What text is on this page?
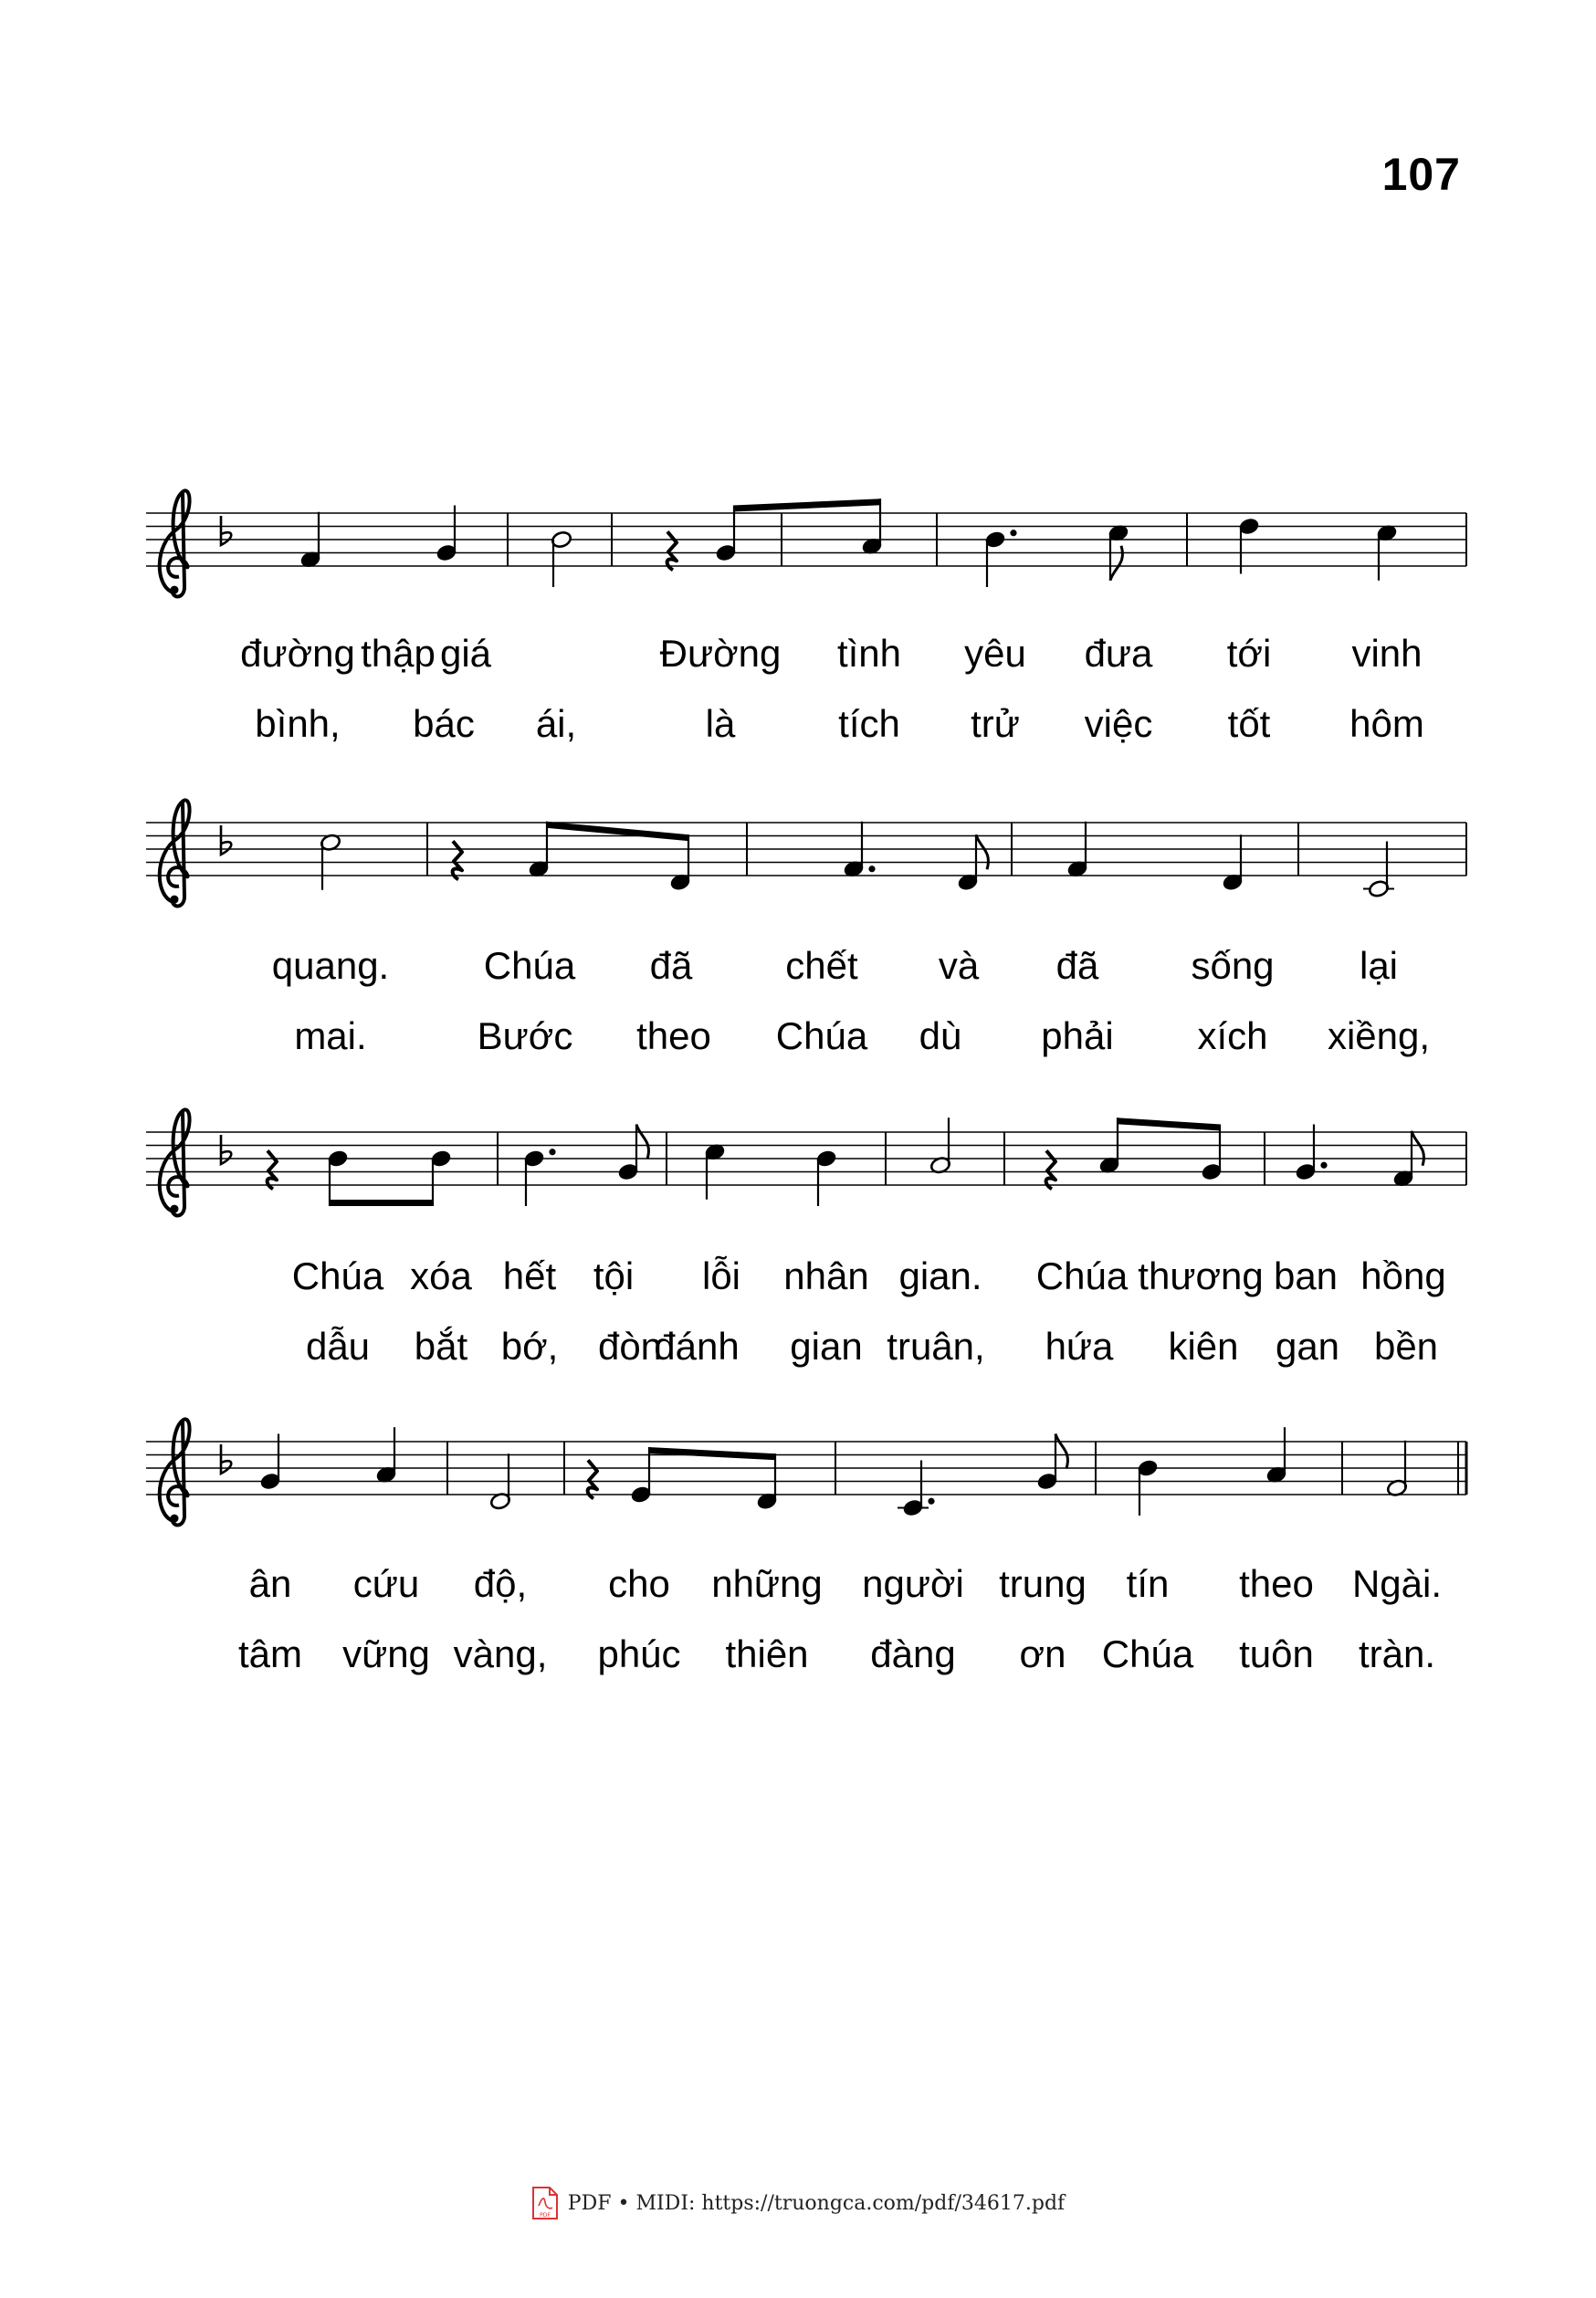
107
đường thập giá	Đường tình yêu đưa tới vinh
bình, bác ái,	là	tích trử việc tốt hôm
quang. Chúa đã chết và đã sống lại
mai.	Bước theo Chúa dù phải xích xiềng,
Chúa xóa hết tội lỗi nhân gian. Chúa thương ban hồng
dẫu bắt bớ, đòn
đánh gian truân, hứa kiên gan bền
ân cứu độ, cho những người trung tín theo Ngài.
tâm vững vàng, phúc thiên đàng ơn Chúa tuôn tràn.
PDF
PDF • MIDI: https://truongca.com/pdf/34617.pdf
